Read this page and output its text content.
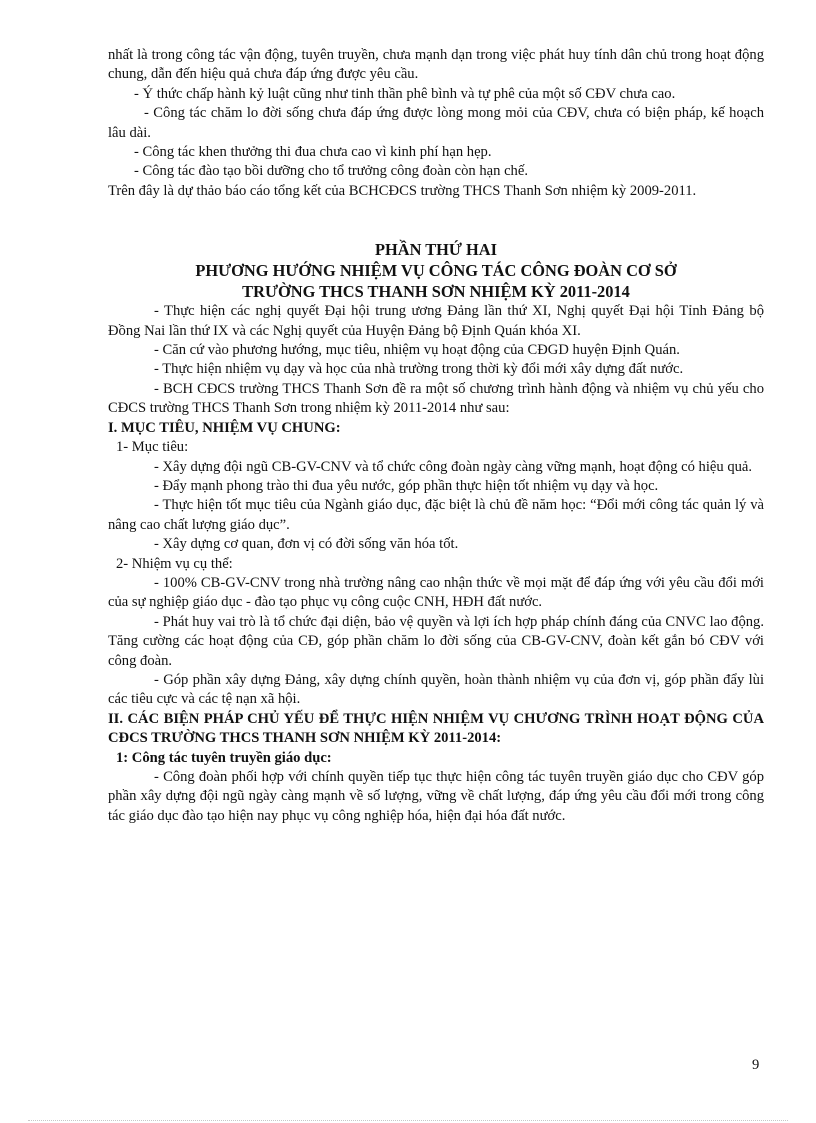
nhất là trong công tác vận động, tuyên truyền, chưa mạnh dạn trong việc phát huy tính dân chủ trong hoạt động chung, dẫn đến hiệu quả chưa đáp ứng được yêu cầu.

- Ý thức chấp hành kỷ luật cũng như tinh thần phê bình và tự phê của một số CĐV chưa cao.

- Công tác chăm lo đời sống chưa đáp ứng được lòng mong mỏi của CĐV, chưa có biện pháp, kế hoạch lâu dài.

- Công tác khen thưởng thi đua chưa cao vì kinh phí hạn hẹp.

- Công tác đào tạo bồi dưỡng cho tổ trưởng công đoàn còn hạn chế.

Trên đây là dự thảo báo cáo tổng kết của BCHCĐCS trường THCS Thanh Sơn nhiệm kỳ 2009-2011.

PHẦN THỨ HAI
PHƯƠNG HƯỚNG NHIỆM VỤ CÔNG TÁC CÔNG ĐOÀN CƠ SỞ
TRƯỜNG THCS THANH SƠN NHIỆM KỲ 2011-2014

- Thực hiện các nghị quyết Đại hội trung ương Đảng lần thứ XI, Nghị quyết Đại hội Tỉnh Đảng bộ Đồng Nai lần thứ IX và các Nghị quyết của Huyện Đảng bộ Định Quán khóa XI.

- Căn cứ vào phương hướng, mục tiêu, nhiệm vụ hoạt động của CĐGD huyện Định Quán.

- Thực hiện nhiệm vụ dạy và học của nhà trường trong thời kỳ đổi mới xây dựng đất nước.

- BCH CĐCS trường THCS Thanh Sơn đề ra một số chương trình hành động và nhiệm vụ chủ yếu cho CĐCS trường THCS Thanh Sơn trong nhiệm kỳ 2011-2014 như sau:

I. MỤC TIÊU, NHIỆM VỤ CHUNG:

1- Mục tiêu:

- Xây dựng đội ngũ CB-GV-CNV và tổ chức công đoàn ngày càng vững mạnh, hoạt động có hiệu quả.

- Đẩy mạnh phong trào thi đua yêu nước, góp phần thực hiện tốt nhiệm vụ dạy và học.

- Thực hiện tốt mục tiêu của Ngành giáo dục, đặc biệt là chủ đề năm học: “Đổi mới công tác quản lý và nâng cao chất lượng giáo dục”.

- Xây dựng cơ quan, đơn vị có đời sống văn hóa tốt.

2- Nhiệm vụ cụ thể:

- 100% CB-GV-CNV trong nhà trường nâng cao nhận thức về mọi mặt để đáp ứng với yêu cầu đổi mới của sự nghiệp giáo dục - đào tạo phục vụ công cuộc CNH, HĐH đất nước.

- Phát huy vai trò là tổ chức đại diện, bảo vệ quyền và lợi ích hợp pháp chính đáng của CNVC lao động. Tăng cường các hoạt động của CĐ, góp phần chăm lo đời sống của CB-GV-CNV, đoàn kết gắn bó CĐV với công đoàn.

- Góp phần xây dựng Đảng, xây dựng chính quyền, hoàn thành nhiệm vụ của đơn vị, góp phần đẩy lùi các tiêu cực và các tệ nạn xã hội.

II. CÁC BIỆN PHÁP CHỦ YẾU ĐỂ THỰC HIỆN NHIỆM VỤ CHƯƠNG TRÌNH HOẠT ĐỘNG CỦA CĐCS TRƯỜNG THCS THANH SƠN NHIỆM KỲ 2011-2014:

1: Công tác tuyên truyền giáo dục:

- Công đoàn phối hợp với chính quyền tiếp tục thực hiện công tác tuyên truyền giáo dục cho CĐV góp phần xây dựng đội ngũ ngày càng mạnh về số lượng, vững về chất lượng, đáp ứng yêu cầu đổi mới trong công tác giáo dục đào tạo hiện nay phục vụ công nghiệp hóa, hiện đại hóa đất nước.

9
